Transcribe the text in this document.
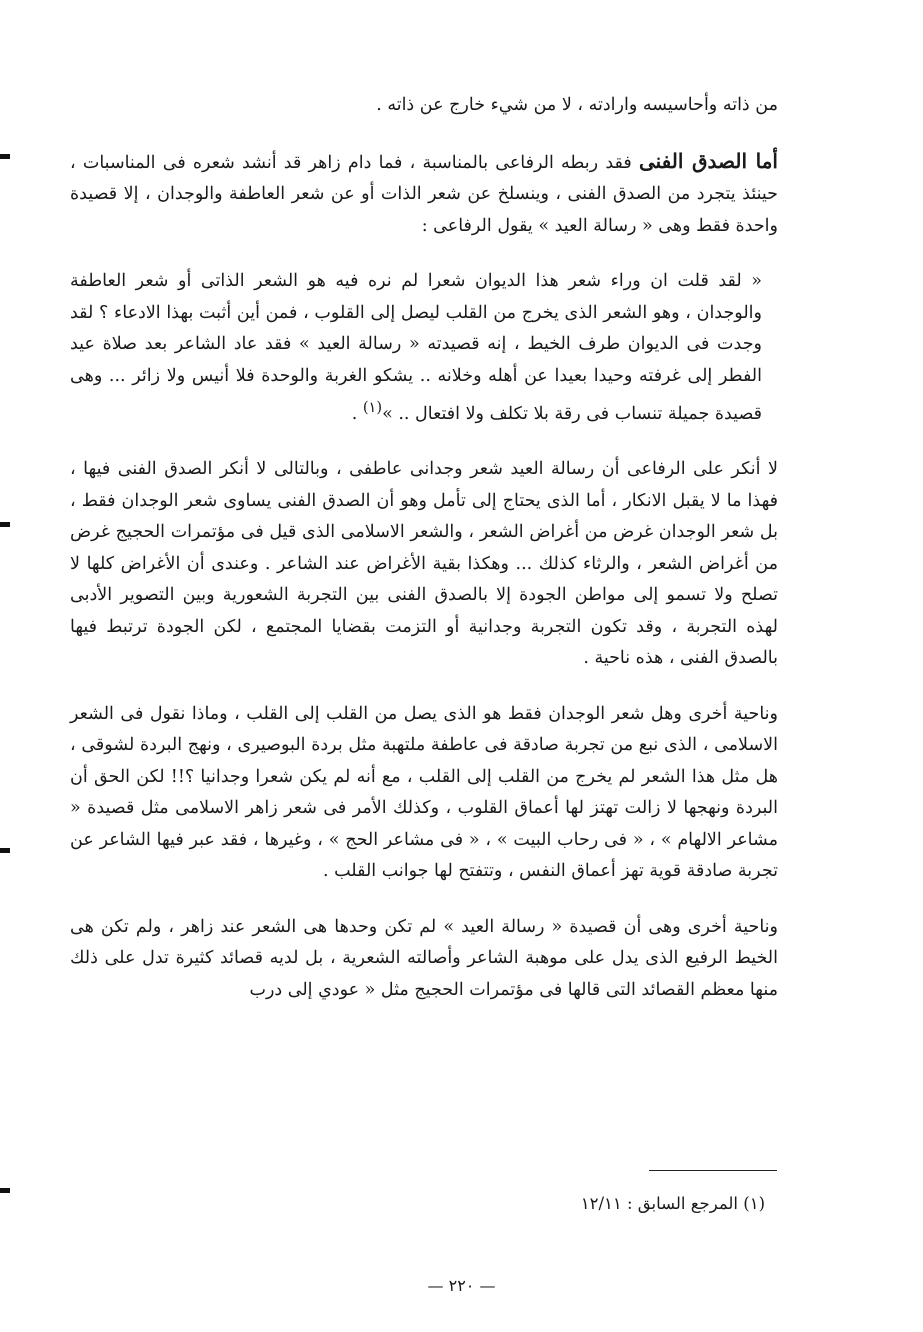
من ذاته وأحاسيسه وارادته ، لا من شيء خارج عن ذاته .

أما الصدق الفنى فقد ربطه الرفاعى بالمناسبة ، فما دام زاهر قد أنشد شعره فى المناسبات ، حينئذ يتجرد من الصدق الفنى ، وينسلخ عن شعر الذات أو عن شعر العاطفة والوجدان ، إلا قصيدة واحدة فقط وهى « رسالة العيد » يقول الرفاعى :

« لقد قلت ان وراء شعر هذا الديوان شعرا لم نره فيه هو الشعر الذاتى أو شعر العاطفة والوجدان ، وهو الشعر الذى يخرج من القلب ليصل إلى القلوب ، فمن أين أثبت بهذا الادعاء ؟ لقد وجدت فى الديوان طرف الخيط ، إنه قصيدته « رسالة العيد » فقد عاد الشاعر بعد صلاة عيد الفطر إلى غرفته وحيدا بعيدا عن أهله وخلانه .. يشكو الغربة والوحدة فلا أنيس ولا زائر ... وهى قصيدة جميلة تنساب فى رقة بلا تكلف ولا افتعال .. »$^{(١)}$ .

لا أنكر على الرفاعى أن رسالة العيد شعر وجدانى عاطفى ، وبالتالى لا أنكر الصدق الفنى فيها ، فهذا ما لا يقبل الانكار ، أما الذى يحتاج إلى تأمل وهو أن الصدق الفنى يساوى شعر الوجدان فقط ، بل شعر الوجدان غرض من أغراض الشعر ، والشعر الاسلامى الذى قيل فى مؤتمرات الحجيج غرض من أغراض الشعر ، والرثاء كذلك ... وهكذا بقية الأغراض عند الشاعر . وعندى أن الأغراض كلها لا تصلح ولا تسمو إلى مواطن الجودة إلا بالصدق الفنى بين التجربة الشعورية وبين التصوير الأدبى لهذه التجربة ، وقد تكون التجربة وجدانية أو التزمت بقضايا المجتمع ، لكن الجودة ترتبط فيها بالصدق الفنى ، هذه ناحية .

وناحية أخرى وهل شعر الوجدان فقط هو الذى يصل من القلب إلى القلب ، وماذا نقول فى الشعر الاسلامى ، الذى نبع من تجربة صادقة فى عاطفة ملتهبة مثل بردة البوصيرى ، ونهج البردة لشوقى ، هل مثل هذا الشعر لم يخرج من القلب إلى القلب ، مع أنه لم يكن شعرا وجدانيا ؟!! لكن الحق أن البردة ونهجها لا زالت تهتز لها أعماق القلوب ، وكذلك الأمر فى شعر زاهر الاسلامى مثل قصيدة « مشاعر الالهام » ، « فى رحاب البيت » ، « فى مشاعر الحج » ، وغيرها ، فقد عبر فيها الشاعر عن تجربة صادقة قوية تهز أعماق النفس ، وتتفتح لها جوانب القلب .

وناحية أخرى وهى أن قصيدة « رسالة العيد » لم تكن وحدها هى الشعر عند زاهر ، ولم تكن هى الخيط الرفيع الذى يدل على موهبة الشاعر وأصالته الشعرية ، بل لديه قصائد كثيرة تدل على ذلك منها معظم القصائد التى قالها فى مؤتمرات الحجيج مثل « عودي إلى درب

(١) المرجع السابق : ١٢/١١
— ٢٢٠ —
